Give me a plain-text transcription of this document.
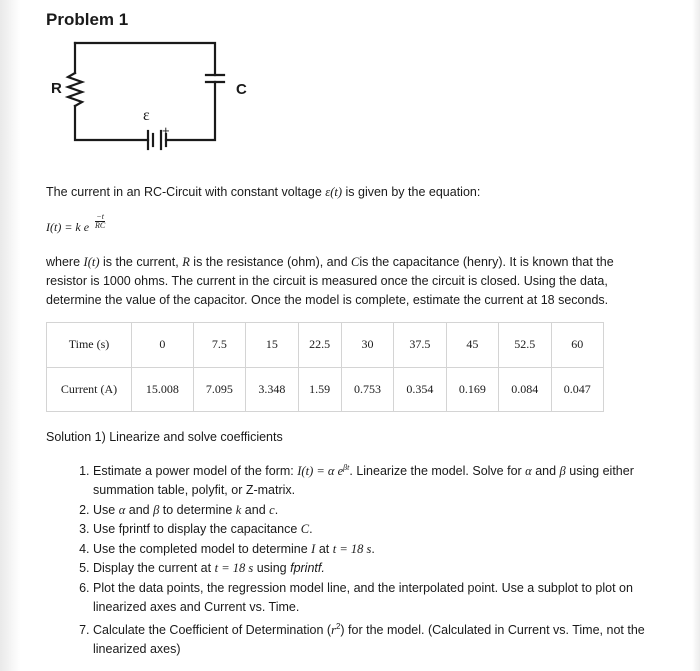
Problem 1
R	C
ε
+
The current in an RC-Circuit with constant voltage ε(t) is given by the equation:
I(t) = k e $\frac{-t}{RC}$
where I(t) is the current, R is the resistance (ohm), and Cis the capacitance (henry). It is known that the
resistor is 1000 ohms. The current in the circuit is measured once the circuit is closed. Using the data,
determine the value of the capacitor. Once the model is complete, estimate the current at 18 seconds.
Time (s)	0	7.5	15	22.5	30	37.5	45	52.5	60
Current (A)	15.008	7.095	3.348	1.59	0.753	0.354	0.169	0.084	0.047
Solution 1) Linearize and solve coefficients
1. Estimate a power model of the form: I(t) = α $e^{\beta t}$. Linearize the model. Solve for α and β using either
summation table, polyfit, or Z-matrix.
2. Use α and β to determine k and c.
3. Use fprintf to display the capacitance C.
4. Use the completed model to determine I at t = 18 s.
5. Display the current at t = 18 s using fprintf.
6. Plot the data points, the regression model line, and the interpolated point. Use a subplot to plot on
linearized axes and Current vs. Time.
7. Calculate the Coefficient of Determination $(r^2)$ for the model. (Calculated in Current vs. Time, not the
linearized axes)
